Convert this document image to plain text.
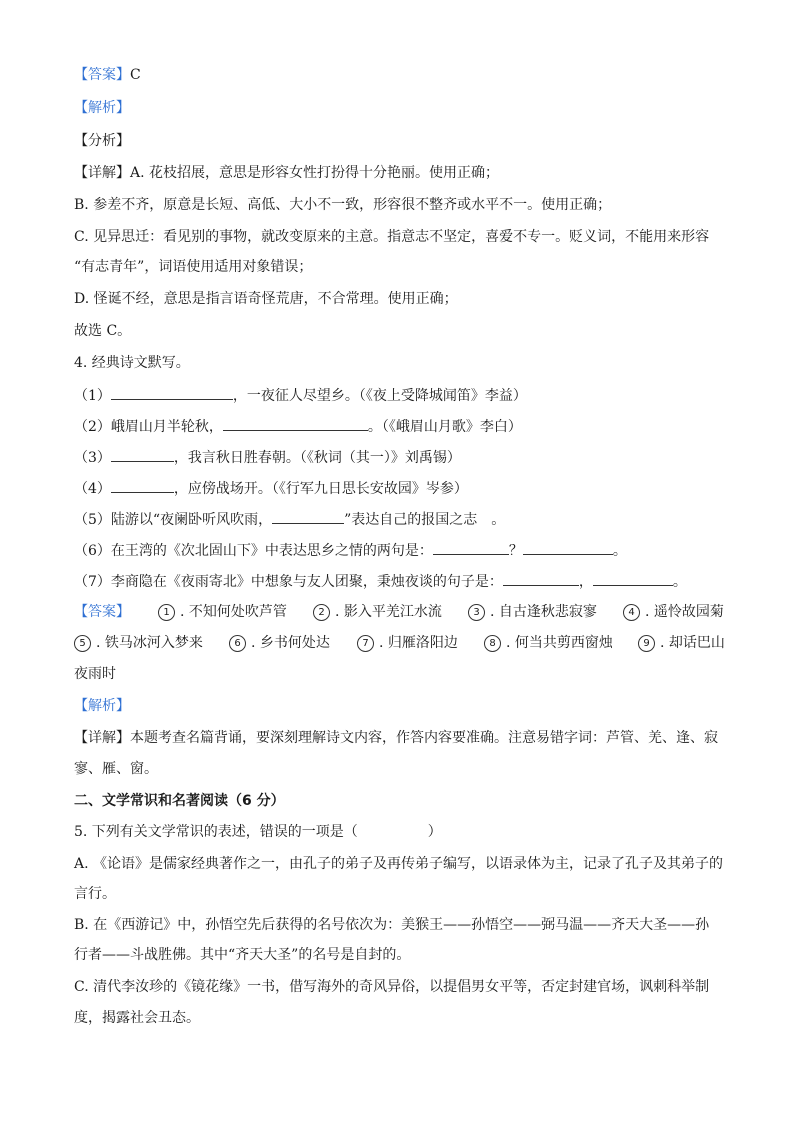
【答案】C
【解析】
【分析】
【详解】A. 花枝招展，意思是形容女性打扮得十分艳丽。使用正确；
B. 参差不齐，原意是长短、高低、大小不一致，形容很不整齐或水平不一。使用正确；
C. 见异思迁：看见别的事物，就改变原来的主意。指意志不坚定，喜爱不专一。贬义词，不能用来形容
“有志青年”，词语使用适用对象错误；
D. 怪诞不经，意思是指言语奇怪荒唐，不合常理。使用正确；
故选 C。
4. 经典诗文默写。
（1）	，一夜征人尽望乡。（《夜上受降城闻笛》李益）
（2）峨眉山月半轮秋，	。（《峨眉山月歌》李白）
（3）	，我言秋日胜春朝。（《秋词（其一）》刘禹锡）
（4）	，应傍战场开。（《行军九日思长安故园》岑参）
（5）陆游以“夜阑卧听风吹雨，	”表达自己的报国之志　。
（6）在王湾的《次北固山下》中表达思乡之情的两句是：	？	。
（7）李商隐在《夜雨寄北》中想象与友人团聚，秉烛夜谈的句子是：	，	。
【答案】	1 . 不知何处吹芦管	2 . 影入平羌江水流	3 . 自古逢秋悲寂寥	4 . 遥怜故园菊
5 . 铁马冰河入梦来	6 . 乡书何处达	7 . 归雁洛阳边	8 . 何当共剪西窗烛	9 . 却话巴山
夜雨时
【解析】
【详解】本题考查名篇背诵，要深刻理解诗文内容，作答内容要准确。注意易错字词：芦管、羌、逢、寂
寥、雁、窗。
二、文学常识和名著阅读（6 分）
5. 下列有关文学常识的表述，错误的一项是（　　　　　）
A. 《论语》是儒家经典著作之一，由孔子的弟子及再传弟子编写，以语录体为主，记录了孔子及其弟子的
言行。
B. 在《西游记》中，孙悟空先后获得的名号依次为：美猴王——孙悟空——弼马温——齐天大圣——孙
行者——斗战胜佛。其中“齐天大圣”的名号是自封的。
C. 清代李汝珍的《镜花缘》一书，借写海外的奇风异俗，以提倡男女平等，否定封建官场，讽刺科举制
度，揭露社会丑态。
